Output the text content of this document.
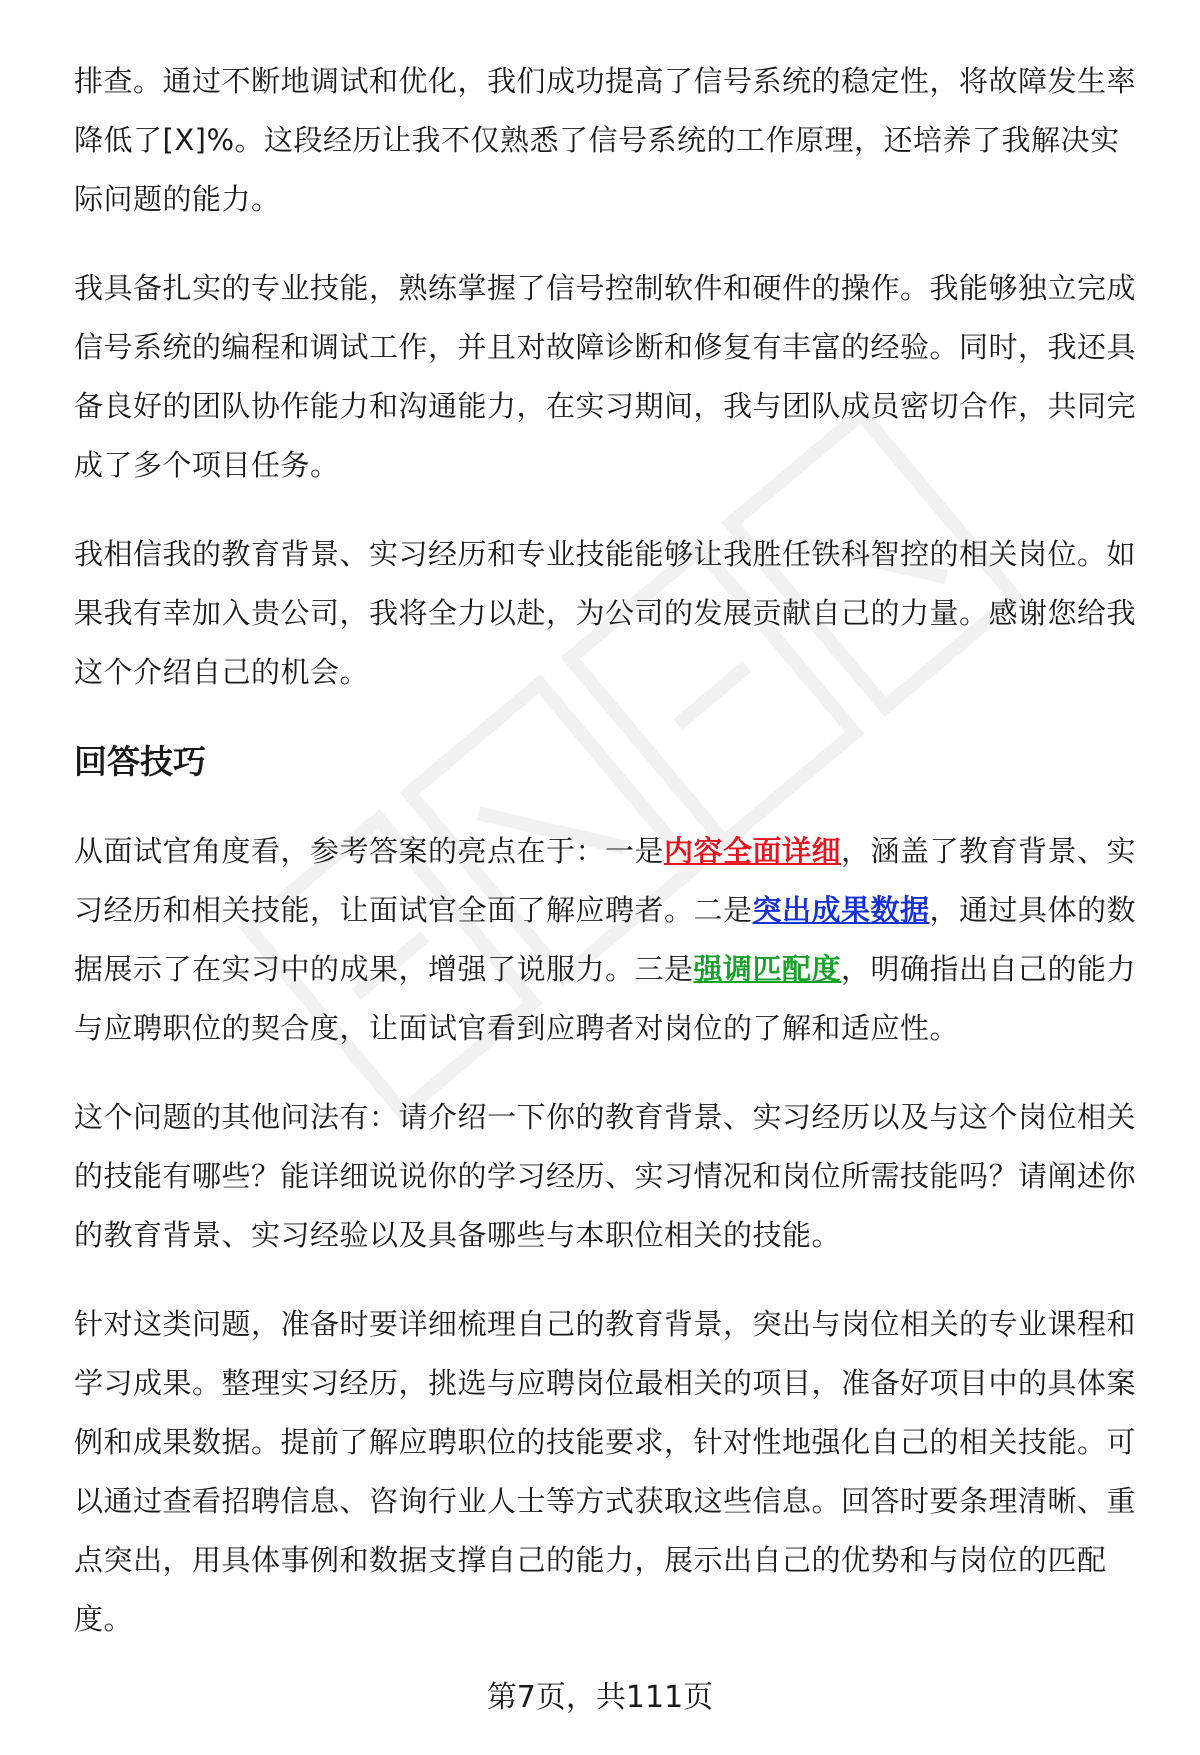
排查。通过不断地调试和优化，我们成功提高了信号系统的稳定性，将故障发生率降低了[X]%。这段经历让我不仅熟悉了信号系统的工作原理，还培养了我解决实际问题的能力。

我具备扎实的专业技能，熟练掌握了信号控制软件和硬件的操作。我能够独立完成信号系统的编程和调试工作，并且对故障诊断和修复有丰富的经验。同时，我还具备良好的团队协作能力和沟通能力，在实习期间，我与团队成员密切合作，共同完成了多个项目任务。

我相信我的教育背景、实习经历和专业技能能够让我胜任铁科智控的相关岗位。如果我有幸加入贵公司，我将全力以赴，为公司的发展贡献自己的力量。感谢您给我这个介绍自己的机会。

回答技巧

从面试官角度看，参考答案的亮点在于：一是内容全面详细，涵盖了教育背景、实习经历和相关技能，让面试官全面了解应聘者。二是突出成果数据，通过具体的数据展示了在实习中的成果，增强了说服力。三是强调匹配度，明确指出自己的能力与应聘职位的契合度，让面试官看到应聘者对岗位的了解和适应性。

这个问题的其他问法有：请介绍一下你的教育背景、实习经历以及与这个岗位相关的技能有哪些？能详细说说你的学习经历、实习情况和岗位所需技能吗？请阐述你的教育背景、实习经验以及具备哪些与本职位相关的技能。

针对这类问题，准备时要详细梳理自己的教育背景，突出与岗位相关的专业课程和学习成果。整理实习经历，挑选与应聘岗位最相关的项目，准备好项目中的具体案例和成果数据。提前了解应聘职位的技能要求，针对性地强化自己的相关技能。可以通过查看招聘信息、咨询行业人士等方式获取这些信息。回答时要条理清晰、重点突出，用具体事例和数据支撑自己的能力，展示出自己的优势和与岗位的匹配度。

第7页，共111页
